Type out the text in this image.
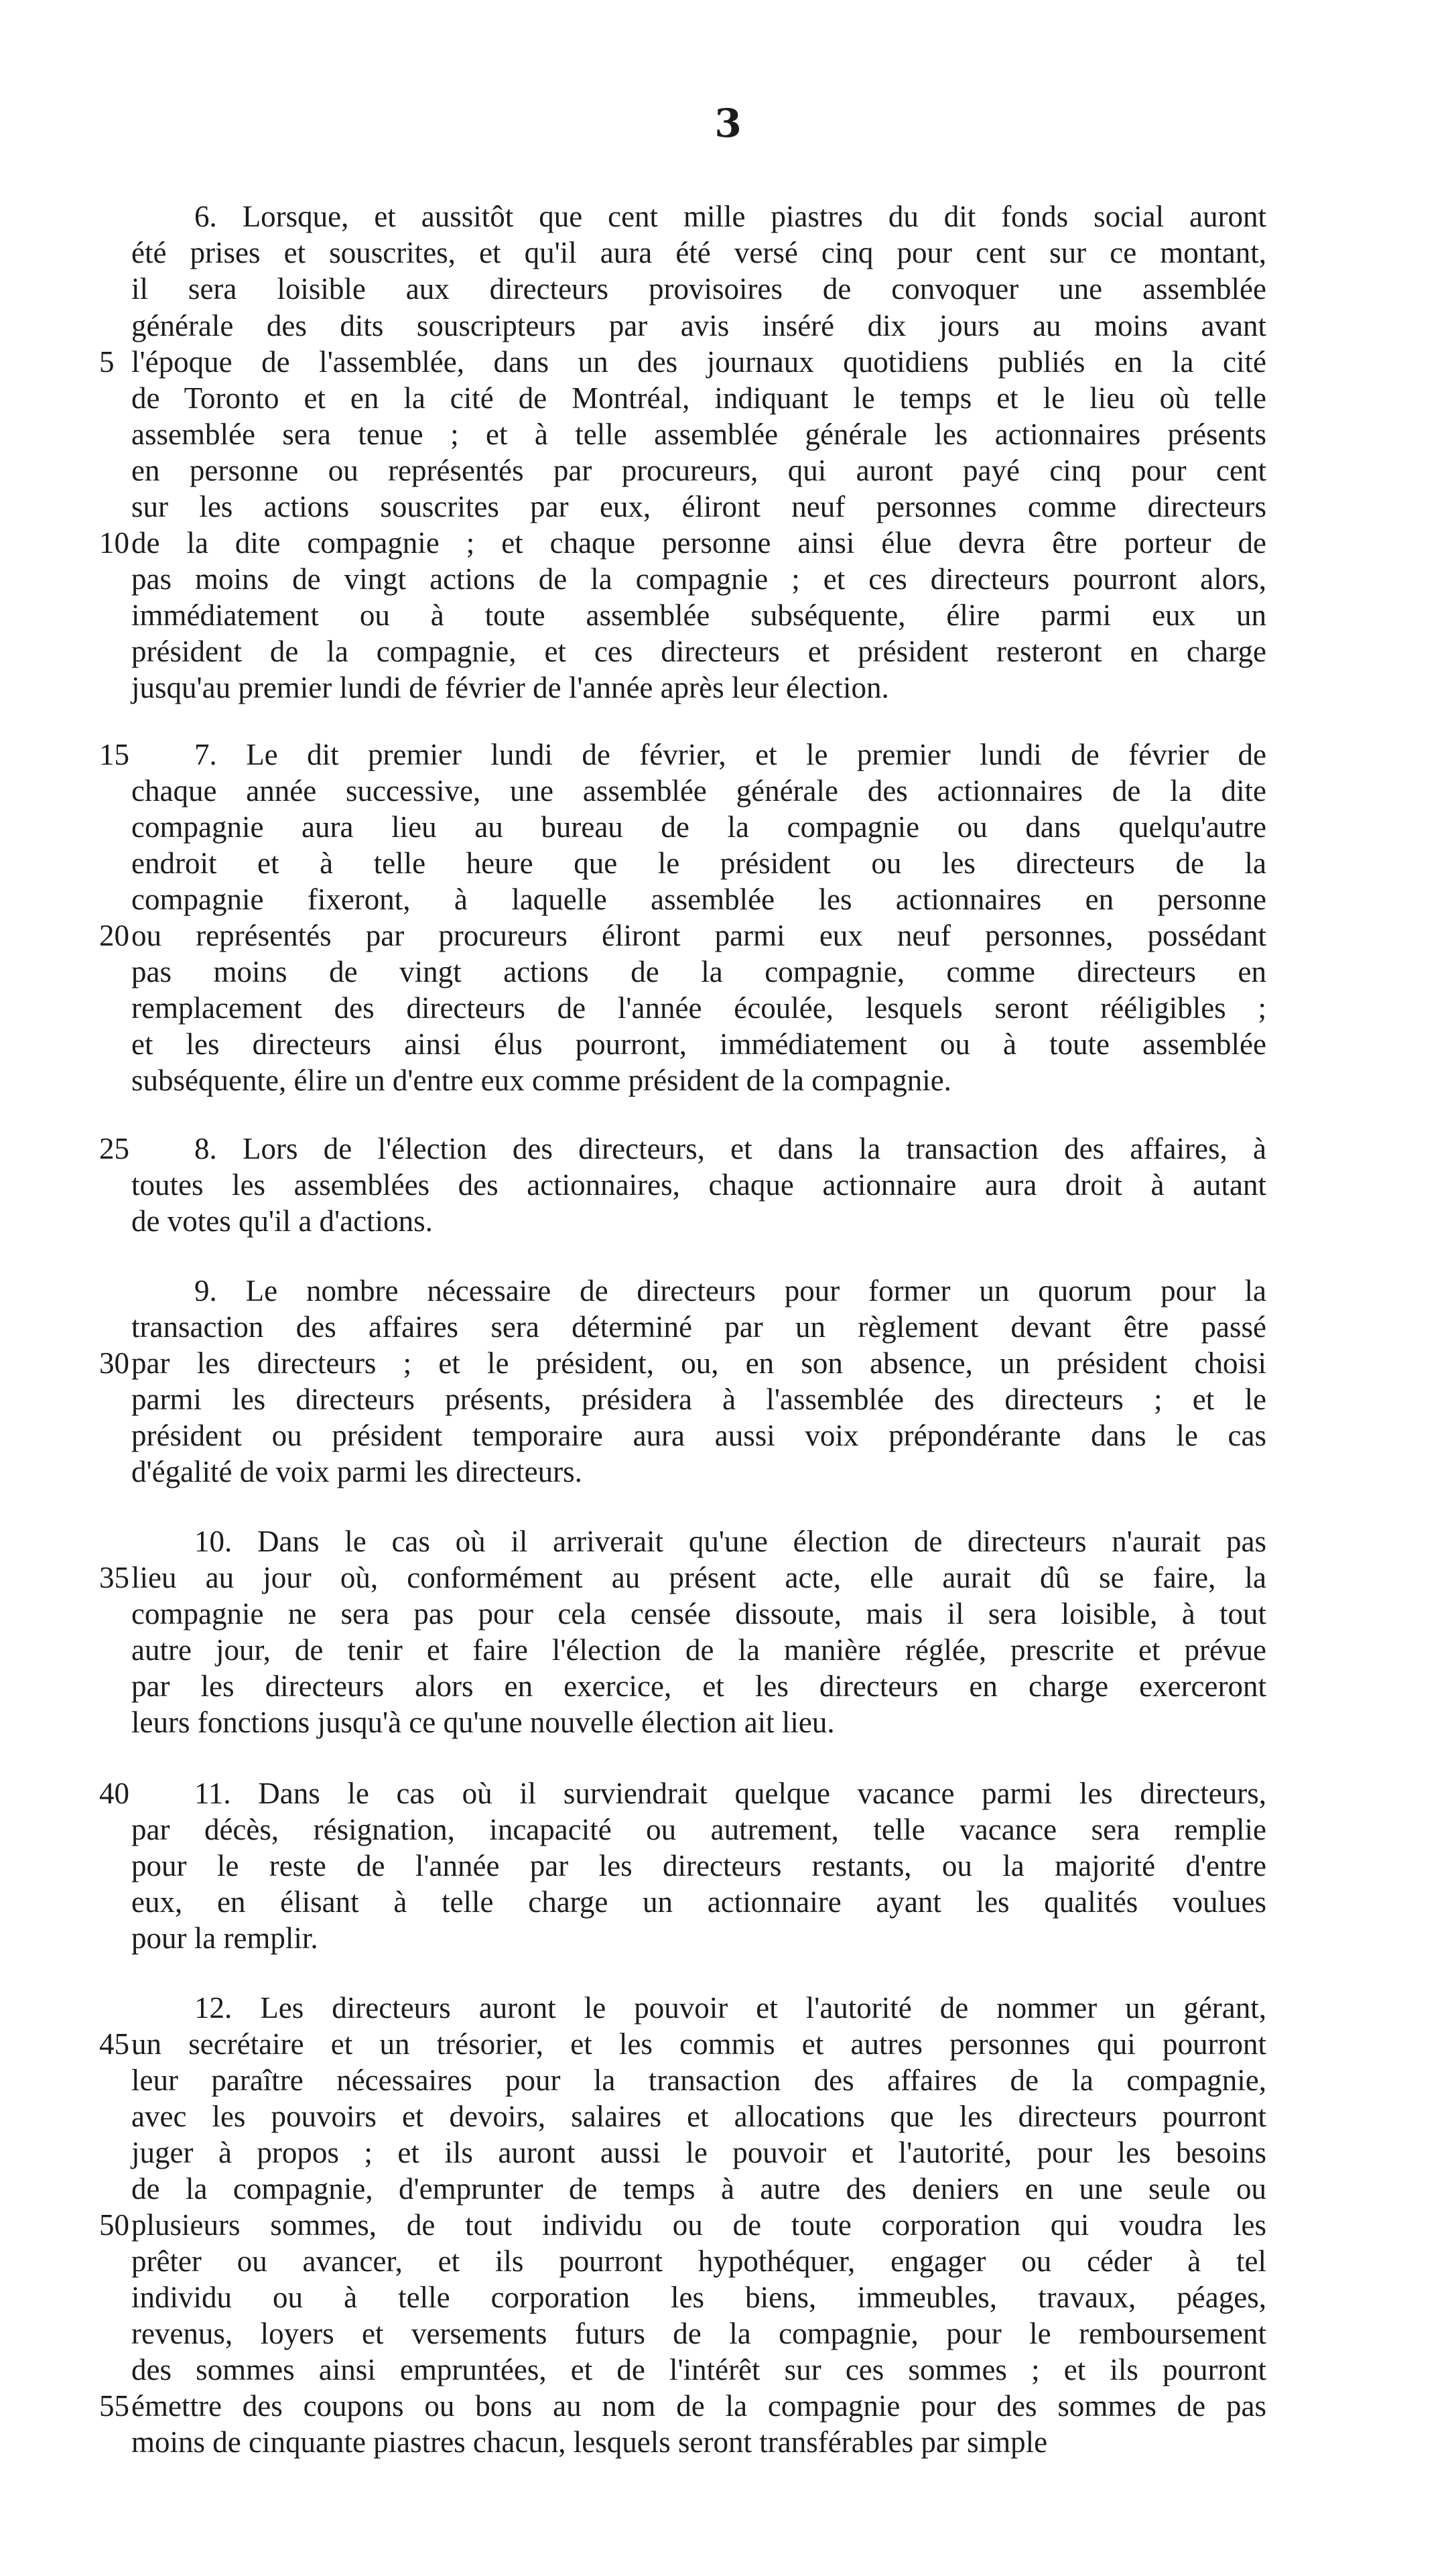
3
6. Lorsque, et aussitôt que cent mille piastres du dit fonds social auront
été prises et souscrites, et qu'il aura été versé cinq pour cent sur ce montant,
il sera loisible aux directeurs provisoires de convoquer une assemblée
générale des dits souscripteurs par avis inséré dix jours au moins avant
l'époque de l'assemblée, dans un des journaux quotidiens publiés en la cité
de Toronto et en la cité de Montréal, indiquant le temps et le lieu où telle
assemblée sera tenue ; et à telle assemblée générale les actionnaires présents
en personne ou représentés par procureurs, qui auront payé cinq pour cent
sur les actions souscrites par eux, éliront neuf personnes comme directeurs
de la dite compagnie ; et chaque personne ainsi élue devra être porteur de
pas moins de vingt actions de la compagnie ; et ces directeurs pourront alors,
immédiatement ou à toute assemblée subséquente, élire parmi eux un
président de la compagnie, et ces directeurs et président resteront en charge
jusqu'au premier lundi de février de l'année après leur élection.
7. Le dit premier lundi de février, et le premier lundi de février de
chaque année successive, une assemblée générale des actionnaires de la dite
compagnie aura lieu au bureau de la compagnie ou dans quelqu'autre
endroit et à telle heure que le président ou les directeurs de la
compagnie fixeront, à laquelle assemblée les actionnaires en personne
ou représentés par procureurs éliront parmi eux neuf personnes, possédant
pas moins de vingt actions de la compagnie, comme directeurs en
remplacement des directeurs de l'année écoulée, lesquels seront rééligibles ;
et les directeurs ainsi élus pourront, immédiatement ou à toute assemblée
subséquente, élire un d'entre eux comme président de la compagnie.
8. Lors de l'élection des directeurs, et dans la transaction des affaires, à
toutes les assemblées des actionnaires, chaque actionnaire aura droit à autant
de votes qu'il a d'actions.
9. Le nombre nécessaire de directeurs pour former un quorum pour la
transaction des affaires sera déterminé par un règlement devant être passé
par les directeurs ; et le président, ou, en son absence, un président choisi
parmi les directeurs présents, présidera à l'assemblée des directeurs ; et le
président ou président temporaire aura aussi voix prépondérante dans le cas
d'égalité de voix parmi les directeurs.
10. Dans le cas où il arriverait qu'une élection de directeurs n'aurait pas
lieu au jour où, conformément au présent acte, elle aurait dû se faire, la
compagnie ne sera pas pour cela censée dissoute, mais il sera loisible, à tout
autre jour, de tenir et faire l'élection de la manière réglée, prescrite et prévue
par les directeurs alors en exercice, et les directeurs en charge exerceront
leurs fonctions jusqu'à ce qu'une nouvelle élection ait lieu.
11. Dans le cas où il surviendrait quelque vacance parmi les directeurs,
par décès, résignation, incapacité ou autrement, telle vacance sera remplie
pour le reste de l'année par les directeurs restants, ou la majorité d'entre
eux, en élisant à telle charge un actionnaire ayant les qualités voulues
pour la remplir.
12. Les directeurs auront le pouvoir et l'autorité de nommer un gérant,
un secrétaire et un trésorier, et les commis et autres personnes qui pourront
leur paraître nécessaires pour la transaction des affaires de la compagnie,
avec les pouvoirs et devoirs, salaires et allocations que les directeurs pourront
juger à propos ; et ils auront aussi le pouvoir et l'autorité, pour les besoins
de la compagnie, d'emprunter de temps à autre des deniers en une seule ou
plusieurs sommes, de tout individu ou de toute corporation qui voudra les
prêter ou avancer, et ils pourront hypothéquer, engager ou céder à tel
individu ou à telle corporation les biens, immeubles, travaux, péages,
revenus, loyers et versements futurs de la compagnie, pour le remboursement
des sommes ainsi empruntées, et de l'intérêt sur ces sommes ; et ils pourront
émettre des coupons ou bons au nom de la compagnie pour des sommes de pas
moins de cinquante piastres chacun, lesquels seront transférables par simple
5
10
15
20
25
30
35
40
45
50
55
